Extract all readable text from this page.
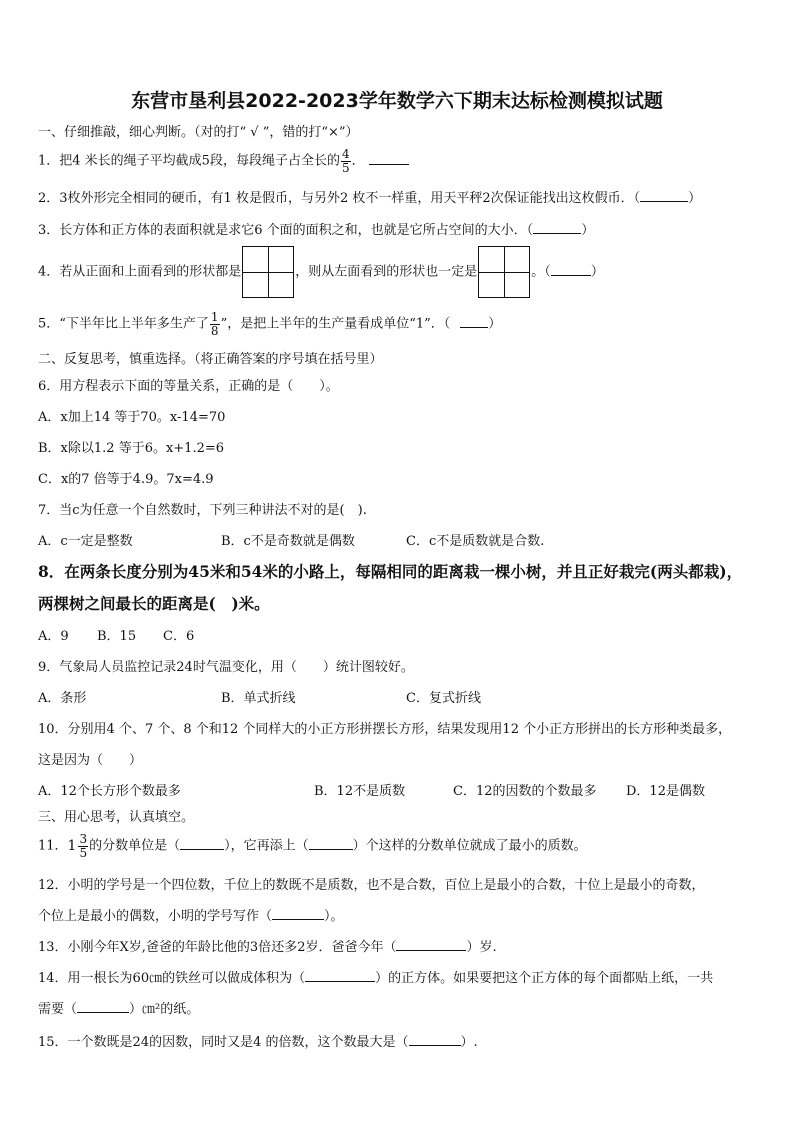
东营市垦利县2022-2023学年数学六下期末达标检测模拟试题
一、仔细推敲，细心判断。（对的打“ √ ”，错的打“×”）
1．把4 米长的绳子平均截成5段，每段绳子占全长的 $\frac{4}{5}$ ．
2．3枚外形完全相同的硬币，有1 枚是假币，与另外2 枚不一样重，用天平秤2次保证能找出这枚假币．（	）
3．长方体和正方体的表面积就是求它6 个面的面积之和，也就是它所占空间的大小．（	）
4．若从正面和上面看到的形状都是	，则从左面看到的形状也一定是	。（	）
5．“下半年比上半年多生产了 $\frac{1}{8}$ ”，是把上半年的生产量看成单位“1”．（	）
二、反复思考，慎重选择。（将正确答案的序号填在括号里）
6．用方程表示下面的等量关系，正确的是（　　）。
A．x加上14 等于70。x-14=70
B．x除以1.2 等于6。x+1.2=6
C．x的7 倍等于4.9。7x=4.9
7．当c为任意一个自然数时，下列三种讲法不对的是(　).
A．c一定是整数	B．c不是奇数就是偶数	C．c不是质数就是合数.
8．在两条长度分别为45米和54米的小路上，每隔相同的距离栽一棵小树，并且正好栽完(两头都栽)，
两棵树之间最长的距离是(　)米。
A．9 B．15 C．6
9．气象局人员监控记录24时气温变化，用（　　）统计图较好。
A．条形	B．单式折线	C．复式折线
10．分别用4 个、7 个、8 个和12 个同样大的小正方形拼摆长方形，结果发现用12 个小正方形拼出的长方形种类最多，
这是因为（　　）
A．12个长方形个数最多	B．12不是质数	C．12的因数的个数最多 D．12是偶数
三、用心思考，认真填空。
11． $1 \frac{3}{5}$ 的分数单位是（	），它再添上（	）个这样的分数单位就成了最小的质数。
12．小明的学号是一个四位数，千位上的数既不是质数，也不是合数，百位上是最小的合数，十位上是最小的奇数，
个位上是最小的偶数，小明的学号写作（	）。
13．小刚今年X岁,爸爸的年龄比他的3倍还多2岁．爸爸今年（	）岁.
14．用一根长为60㎝的铁丝可以做成体积为（	）的正方体。如果要把这个正方体的每个面都贴上纸，一共
需要（	）㎝²的纸。
15．一个数既是24的因数，同时又是4 的倍数，这个数最大是（	）.
